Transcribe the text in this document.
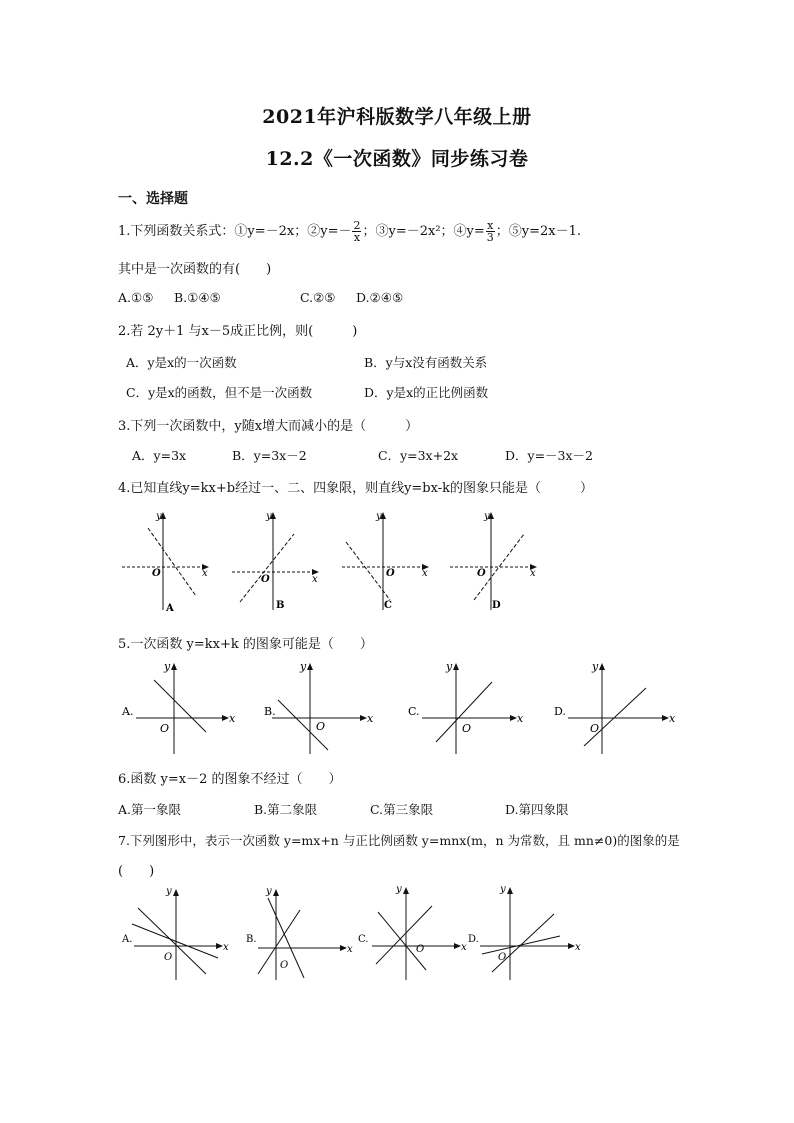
2021年沪科版数学八年级上册
12.2《一次函数》同步练习卷
一、选择题
1.下列函数关系式：①y=－2x；②y=－ $\frac{2}{x}$ ；③y=－2x²；④y= $\frac{x}{3}$ ；⑤y=2x－1.
其中是一次函数的有(　　)
A.①⑤ B.①④⑤	C.②⑤ D.②④⑤
2.若 2y＋1 与x－5成正比例，则(　　　)
A．y是x的一次函数	B．y与x没有函数关系
C．y是x的函数，但不是一次函数	D．y是x的正比例函数
3.下列一次函数中，y随x增大而减小的是（　　　）
A．y=3x	B．y=3x－2	C．y=3x+2x	D．y=－3x－2
4.已知直线y=kx+b经过一、二、四象限，则直线y=bx-k的图象只能是（　　　）
y
x
O
A
y
x
O
B
y
x
O
C
y
x
O
D
5.一次函数 y=kx+k 的图象可能是（　　）
A.
y
x
O
B.
y
x
O
C.
y
x
O
D.
y
x
O
6.函数 y=x－2 的图象不经过（　　）
A.第一象限	B.第二象限	C.第三象限	D.第四象限
7.下列图形中，表示一次函数 y=mx+n 与正比例函数 y=mnx(m，n 为常数，且 mn≠0)的图象的是
(　　)
A.
y
x
O
B.
y
x
O
C.
y
x
O
D.
y
x
O
